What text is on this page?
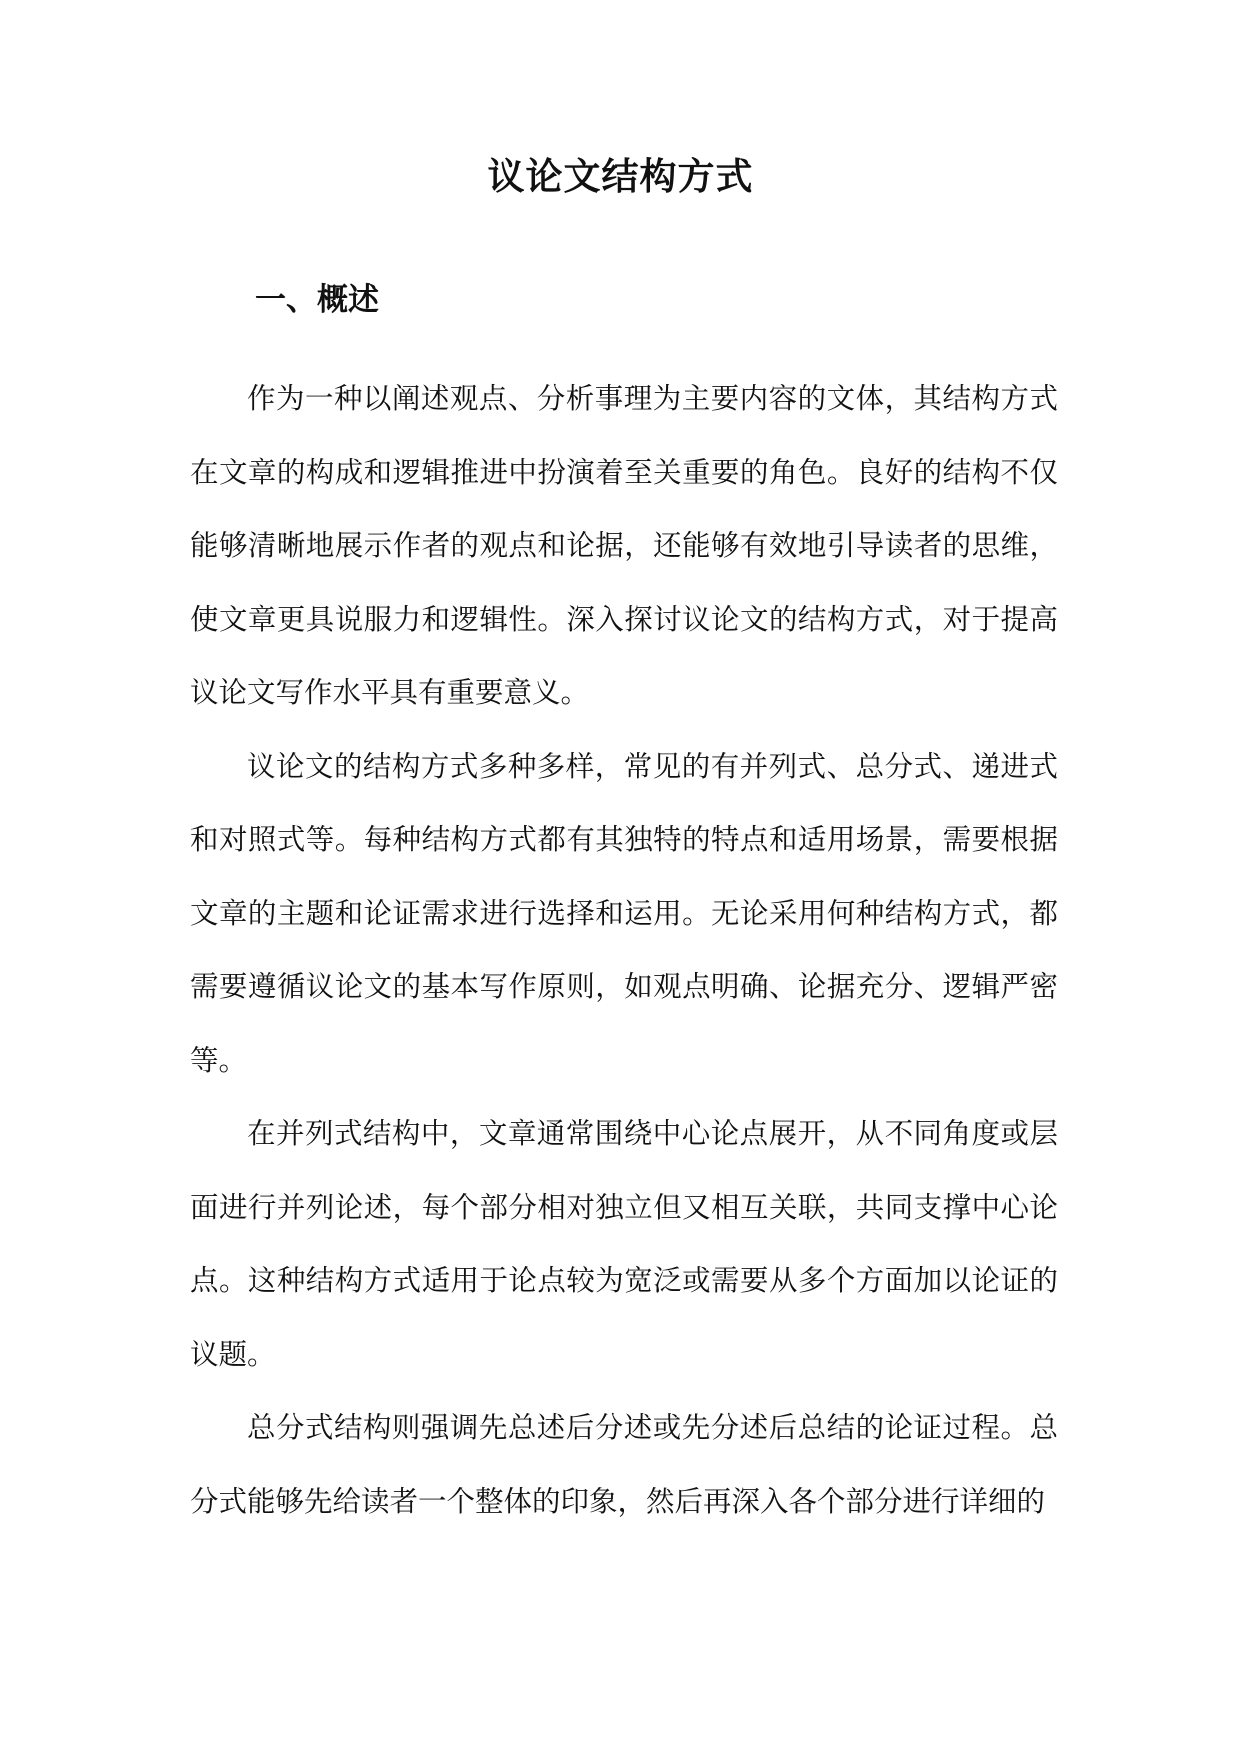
议论文结构方式
一、概述

作为一种以阐述观点、分析事理为主要内容的文体，其结构方式在文章的构成和逻辑推进中扮演着至关重要的角色。良好的结构不仅能够清晰地展示作者的观点和论据，还能够有效地引导读者的思维，使文章更具说服力和逻辑性。深入探讨议论文的结构方式，对于提高议论文写作水平具有重要意义。

议论文的结构方式多种多样，常见的有并列式、总分式、递进式和对照式等。每种结构方式都有其独特的特点和适用场景，需要根据文章的主题和论证需求进行选择和运用。无论采用何种结构方式，都需要遵循议论文的基本写作原则，如观点明确、论据充分、逻辑严密等。

在并列式结构中，文章通常围绕中心论点展开，从不同角度或层面进行并列论述，每个部分相对独立但又相互关联，共同支撑中心论点。这种结构方式适用于论点较为宽泛或需要从多个方面加以论证的议题。

总分式结构则强调先总述后分述或先分述后总结的论证过程。总分式能够先给读者一个整体的印象，然后再深入各个部分进行详细的
